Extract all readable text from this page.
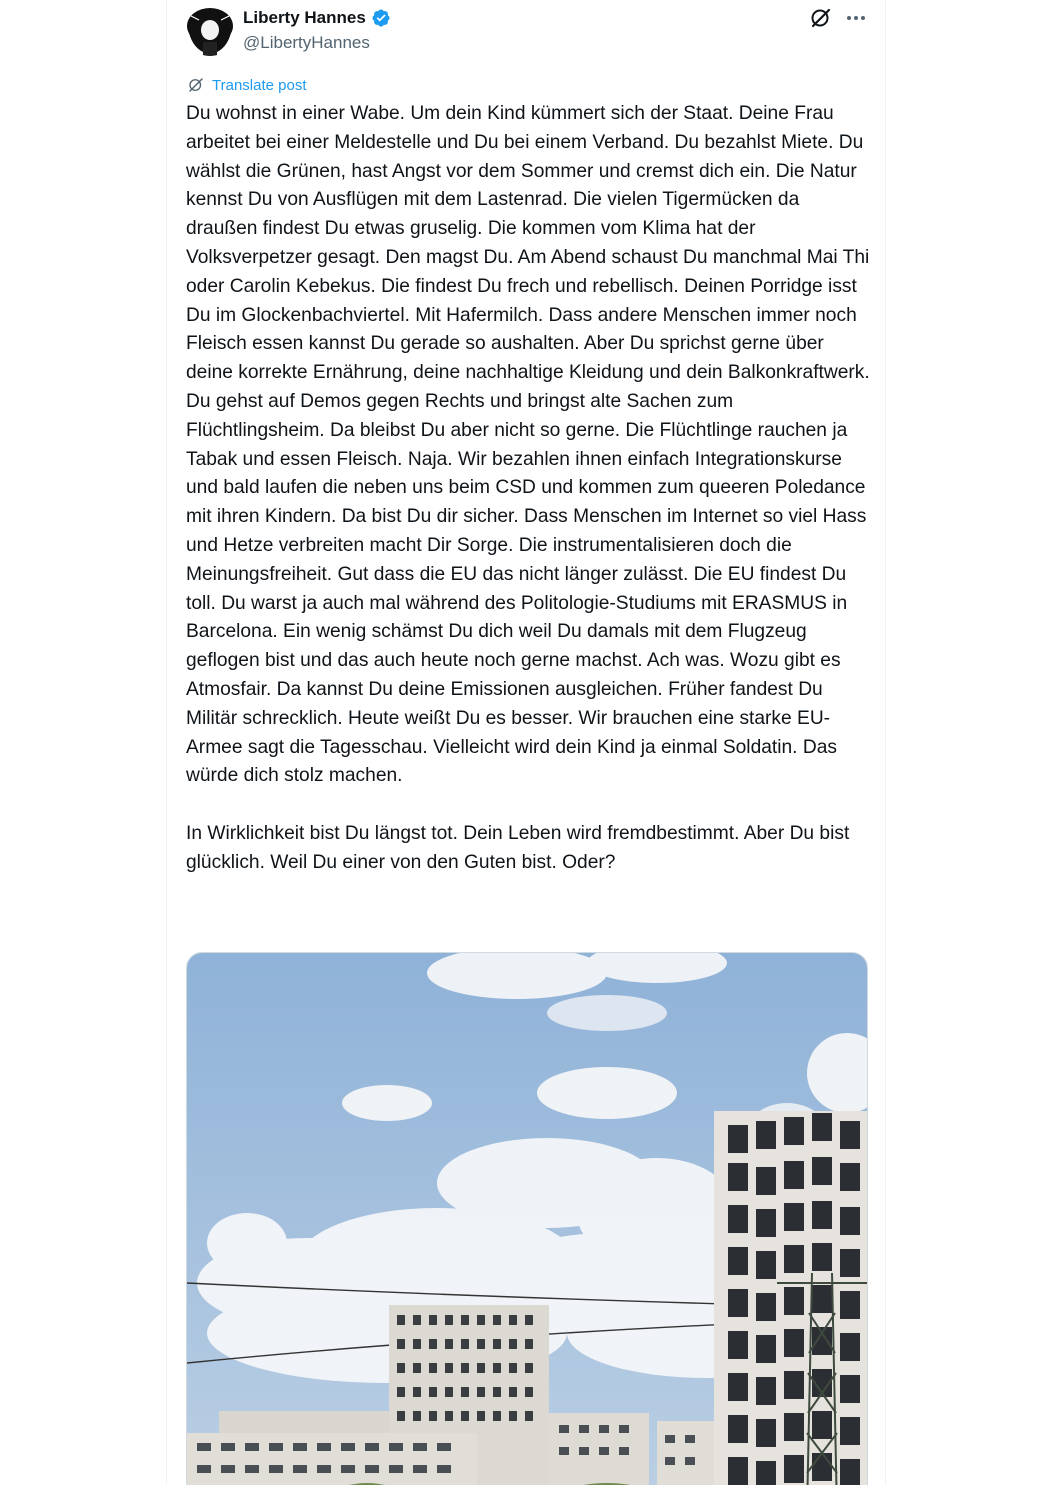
Liberty Hannes
@LibertyHannes
Translate post
Du wohnst in einer Wabe. Um dein Kind kümmert sich der Staat. Deine Frau arbeitet bei einer Meldestelle und Du bei einem Verband. Du bezahlst Miete. Du wählst die Grünen, hast Angst vor dem Sommer und cremst dich ein. Die Natur kennst Du von Ausflügen mit dem Lastenrad. Die vielen Tigermücken da draußen findest Du etwas gruselig. Die kommen vom Klima hat der Volksverpetzer gesagt. Den magst Du. Am Abend schaust Du manchmal Mai Thi oder Carolin Kebekus. Die findest Du frech und rebellisch. Deinen Porridge isst Du im Glockenbachviertel. Mit Hafermilch. Dass andere Menschen immer noch Fleisch essen kannst Du gerade so aushalten. Aber Du sprichst gerne über deine korrekte Ernährung, deine nachhaltige Kleidung und dein Balkonkraftwerk. Du gehst auf Demos gegen Rechts und bringst alte Sachen zum Flüchtlingsheim. Da bleibst Du aber nicht so gerne. Die Flüchtlinge rauchen ja Tabak und essen Fleisch. Naja. Wir bezahlen ihnen einfach Integrationskurse und bald laufen die neben uns beim CSD und kommen zum queeren Poledance mit ihren Kindern. Da bist Du dir sicher. Dass Menschen im Internet so viel Hass und Hetze verbreiten macht Dir Sorge. Die instrumentalisieren doch die Meinungsfreiheit. Gut dass die EU das nicht länger zulässt. Die EU findest Du toll. Du warst ja auch mal während des Politologie-Studiums mit ERASMUS in Barcelona. Ein wenig schämst Du dich weil Du damals mit dem Flugzeug geflogen bist und das auch heute noch gerne machst. Ach was. Wozu gibt es Atmosfair. Da kannst Du deine Emissionen ausgleichen. Früher fandest Du Militär schrecklich. Heute weißt Du es besser. Wir brauchen eine starke EU-Armee sagt die Tagesschau. Vielleicht wird dein Kind ja einmal Soldatin. Das würde dich stolz machen.

In Wirklichkeit bist Du längst tot. Dein Leben wird fremdbestimmt. Aber Du bist glücklich. Weil Du einer von den Guten bist. Oder?
